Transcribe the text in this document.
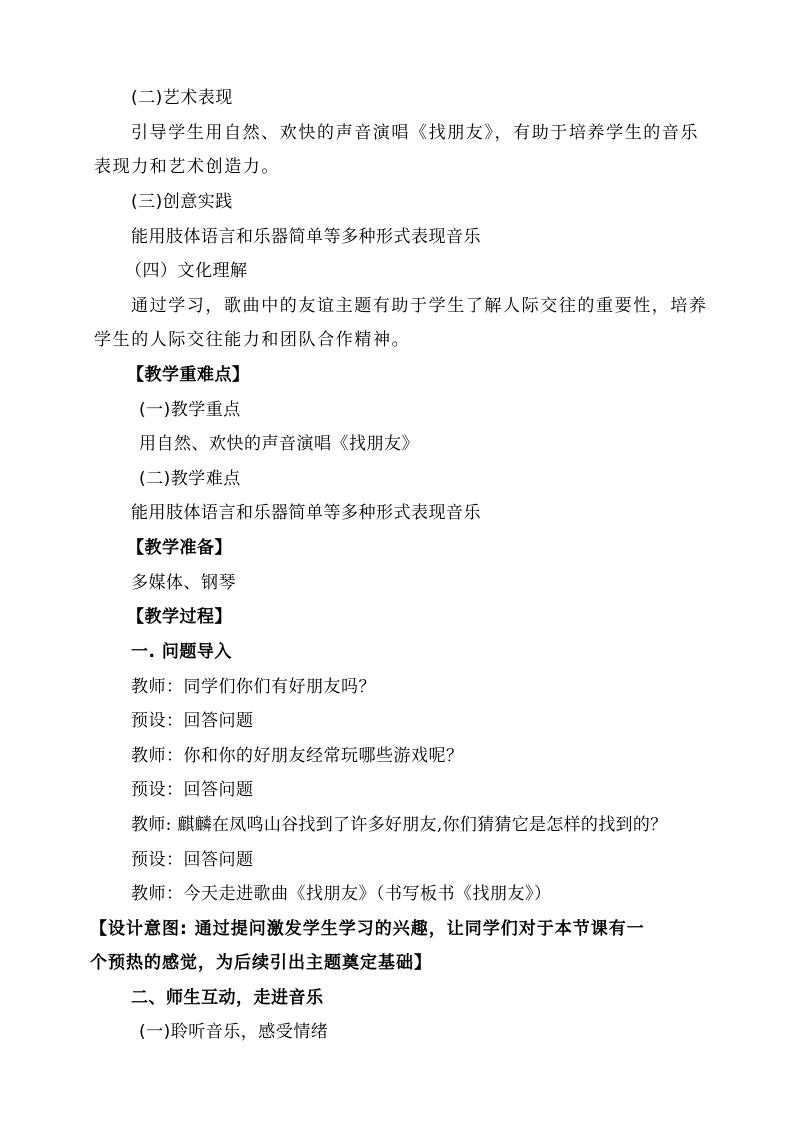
(二)艺术表现
引导学生用自然、欢快的声音演唱《找朋友》，有助于培养学生的音乐
表现力和艺术创造力。
(三)创意实践
能用肢体语言和乐器简单等多种形式表现音乐
（四）文化理解
通过学习，歌曲中的友谊主题有助于学生了解人际交往的重要性，培养
学生的人际交往能力和团队合作精神。
【教学重难点】
(一)教学重点
用自然、欢快的声音演唱《找朋友》
(二)教学难点
能用肢体语言和乐器简单等多种形式表现音乐
【教学准备】
多媒体、钢琴
【教学过程】
一. 问题导入
教师：同学们你们有好朋友吗？
预设：回答问题
教师：你和你的好朋友经常玩哪些游戏呢？
预设：回答问题
教师: 麒麟在凤鸣山谷找到了许多好朋友,你们猜猜它是怎样的找到的？
预设：回答问题
教师：今天走进歌曲《找朋友》（书写板书《找朋友》）
【设计意图: 通过提问激发学生学习的兴趣，让同学们对于本节课有一
个预热的感觉，为后续引出主题奠定基础】
二、师生互动，走进音乐
(一)聆听音乐，感受情绪
